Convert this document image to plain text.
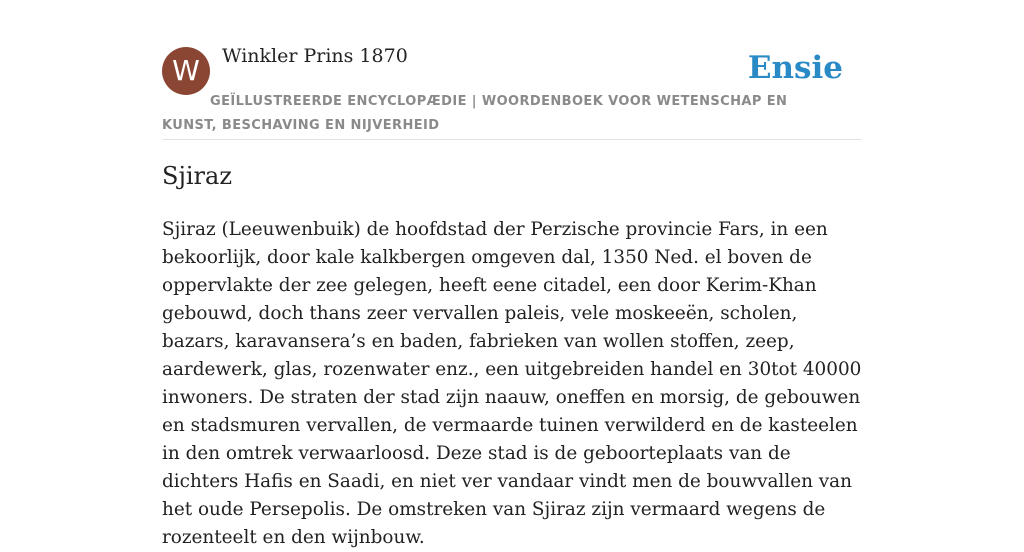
W	Winkler Prins 1870	Ensie
GEÏLLUSTREERDE ENCYCLOPÆDIE | WOORDENBOEK VOOR WETENSCHAP EN KUNST, BESCHAVING EN NIJVERHEID
Sjiraz

Sjiraz (Leeuwenbuik) de hoofdstad der Perzische provincie Fars, in een bekoorlijk, door kale kalkbergen omgeven dal, 1350 Ned. el boven de oppervlakte der zee gelegen, heeft eene citadel, een door Kerim-Khan gebouwd, doch thans zeer vervallen paleis, vele moskeeën, scholen, bazars, karavansera’s en baden, fabrieken van wollen stoffen, zeep, aardewerk, glas, rozenwater enz., een uitgebreiden handel en 30tot 40000 inwoners. De straten der stad zijn naauw, oneffen en morsig, de gebouwen en stadsmuren vervallen, de vermaarde tuinen verwilderd en de kasteelen in den omtrek verwaarloosd. Deze stad is de geboorteplaats van de dichters Hafis en Saadi, en niet ver vandaar vindt men de bouwvallen van het oude Persepolis. De omstreken van Sjiraz zijn vermaard wegens de rozenteelt en den wijnbouw.
